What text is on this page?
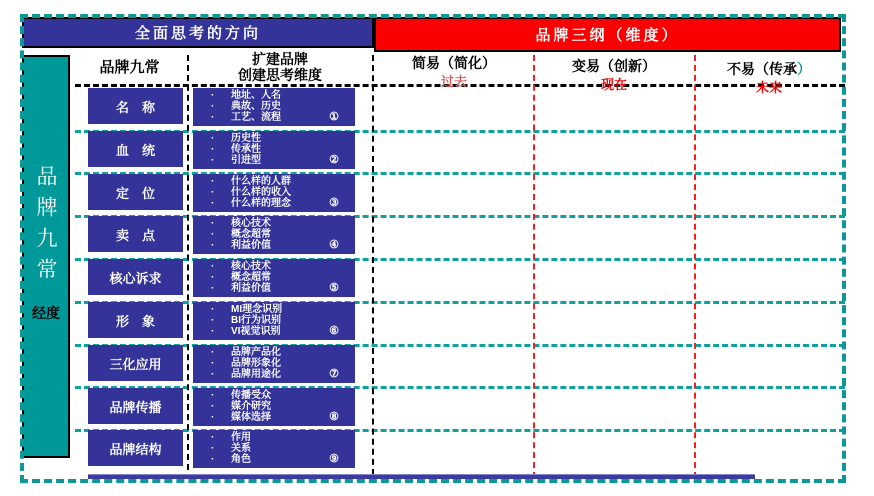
全面思考的方向	品牌三纲（维度）
品牌九常
经度
品牌九常	扩建品牌
创建思考维度
简易（简化）
过去
变易（创新）
现在
不易（传承）
未来
名　称
· 地址、人名
· 典故、历史
· 工艺、流程	①
血　统
· 历史性
· 传承性
· 引进型	②
定　位
· 什么样的人群
· 什么样的收入
· 什么样的理念	③
卖　点
· 核心技术
· 概念超常
· 利益价值	④
核心诉求
· 核心技术
· 概念超常
· 利益价值	⑤
形　象
· MI理念识别
· BI行为识别
· VI视觉识别	⑥
三化应用
· 品牌产品化
· 品牌形象化
· 品牌用途化	⑦
品牌传播
· 传播受众
· 媒介研究
· 媒体选择	⑧
品牌结构
· 作用
· 关系
· 角色	⑨
